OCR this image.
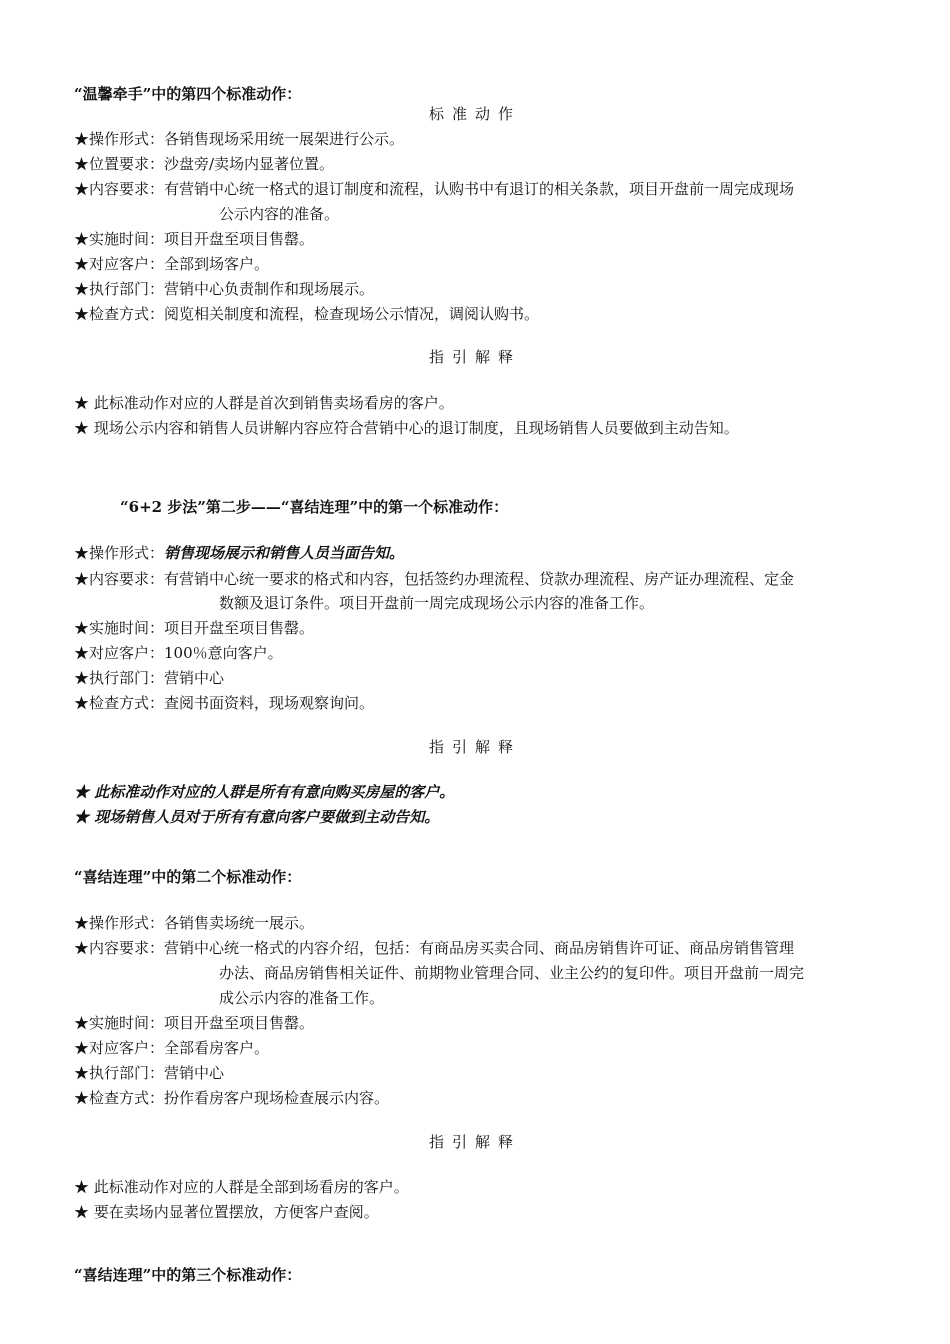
“温馨牵手”中的第四个标准动作：
标准动作
★操作形式：各销售现场采用统一展架进行公示。
★位置要求：沙盘旁/卖场内显著位置。
★内容要求：有营销中心统一格式的退订制度和流程，认购书中有退订的相关条款，项目开盘前一周完成现场
公示内容的准备。
★实施时间：项目开盘至项目售罄。
★对应客户：全部到场客户。
★执行部门：营销中心负责制作和现场展示。
★检查方式：阅览相关制度和流程，检查现场公示情况，调阅认购书。
指引解释
★ 此标准动作对应的人群是首次到销售卖场看房的客户。
★ 现场公示内容和销售人员讲解内容应符合营销中心的退订制度，且现场销售人员要做到主动告知。
“6+2 步法”第二步——“喜结连理”中的第一个标准动作：
★操作形式：销售现场展示和销售人员当面告知。
★内容要求：有营销中心统一要求的格式和内容，包括签约办理流程、贷款办理流程、房产证办理流程、定金
数额及退订条件。项目开盘前一周完成现场公示内容的准备工作。
★实施时间：项目开盘至项目售罄。
★对应客户：100％意向客户。
★执行部门：营销中心
★检查方式：查阅书面资料，现场观察询问。
指引解释
★ 此标准动作对应的人群是所有有意向购买房屋的客户。
★ 现场销售人员对于所有有意向客户要做到主动告知。
“喜结连理”中的第二个标准动作：
★操作形式：各销售卖场统一展示。
★内容要求：营销中心统一格式的内容介绍，包括：有商品房买卖合同、商品房销售许可证、商品房销售管理
办法、商品房销售相关证件、前期物业管理合同、业主公约的复印件。项目开盘前一周完
成公示内容的准备工作。
★实施时间：项目开盘至项目售罄。
★对应客户：全部看房客户。
★执行部门：营销中心
★检查方式：扮作看房客户现场检查展示内容。
指引解释
★ 此标准动作对应的人群是全部到场看房的客户。
★ 要在卖场内显著位置摆放，方便客户查阅。
“喜结连理”中的第三个标准动作：
